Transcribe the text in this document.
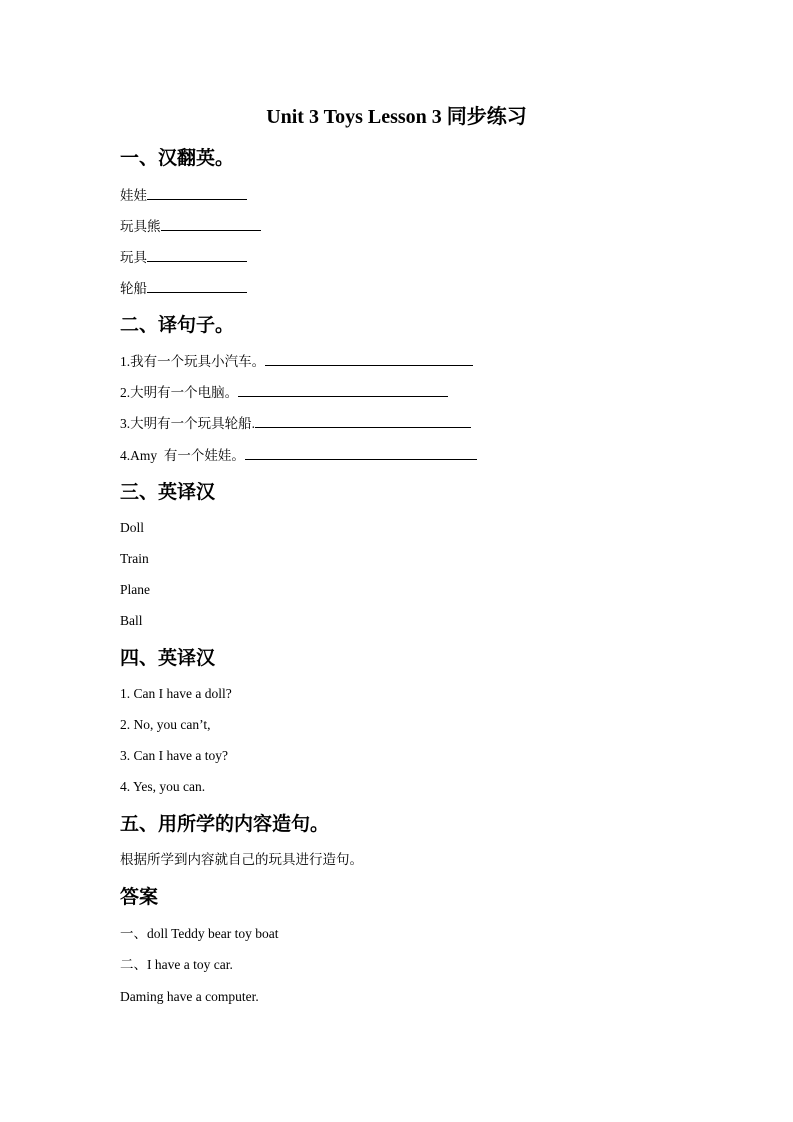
Unit 3 Toys Lesson 3 同步练习
一、汉翻英。
娃娃
玩具熊
玩具
轮船
二、译句子。
1.我有一个玩具小汽车。
2.大明有一个电脑。
3.大明有一个玩具轮船.
4.Amy  有一个娃娃。
三、英译汉
Doll
Train
Plane
Ball
四、英译汉
1. Can I have a doll?
2. No, you can’t,
3. Can I have a toy?
4. Yes, you can.
五、用所学的内容造句。
根据所学到内容就自己的玩具进行造句。
答案
一、doll Teddy bear toy boat
二、I have a toy car.
Daming have a computer.
